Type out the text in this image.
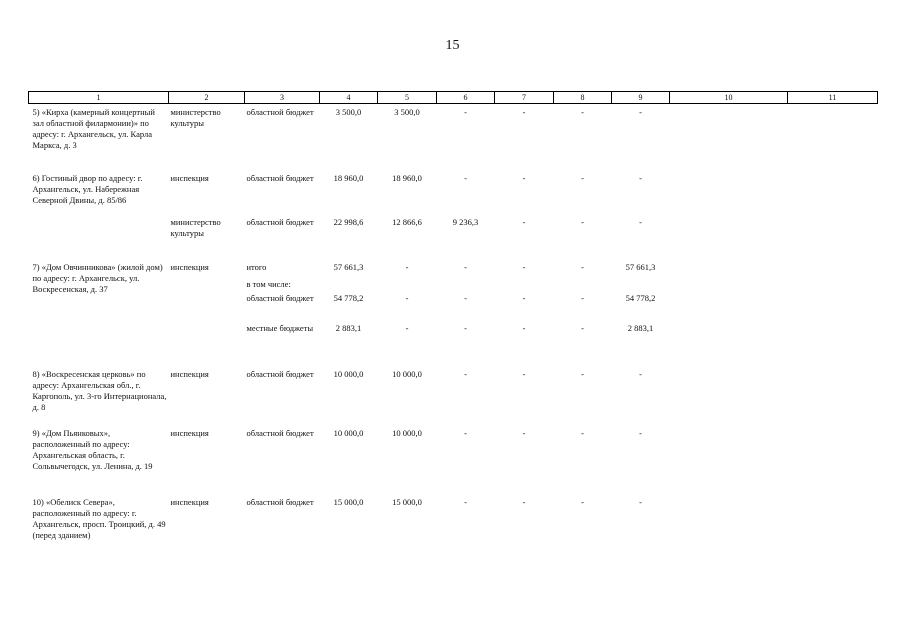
15
1	2	3	4	5	6	7	8	9	10	11
5) «Кирха (камерный концертный зал областной филармонии)» по адресу: г. Архангельск, ул. Карла Маркса, д. 3	министерство культуры	областной бюджет	3 500,0	3 500,0	-	-	-	-		
6) Гостиный двор по адресу: г. Архангельск, ул. Набережная Северной Двины, д. 85/86	инспекция	областной бюджет	18 960,0	18 960,0	-	-	-	-		
	министерство культуры	областной бюджет	22 998,6	12 866,6	9 236,3	-	-	-		
7) «Дом Овчинникова» (жилой дом) по адресу: г. Архангельск, ул. Воскресенская, д. 37	инспекция	итого	57 661,3	-	-	-	-	57 661,3		
		в том числе:								
		областной бюджет	54 778,2	-	-	-	-	54 778,2		
		местные бюджеты	2 883,1	-	-	-	-	2 883,1		
8) «Воскресенская церковь» по адресу: Архангельская обл., г. Каргополь, ул. 3-го Интернационала, д. 8	инспекция	областной бюджет	10 000,0	10 000,0	-	-	-	-		
9) «Дом Пьянковых», расположенный по адресу: Архангельская область, г. Сольвычегодск, ул. Ленина, д. 19	инспекция	областной бюджет	10 000,0	10 000,0	-	-	-	-		
10) «Обелиск Севера», расположенный по адресу: г. Архангельск, просп. Троицкий, д. 49 (перед зданием)	инспекция	областной бюджет	15 000,0	15 000,0	-	-	-	-		
